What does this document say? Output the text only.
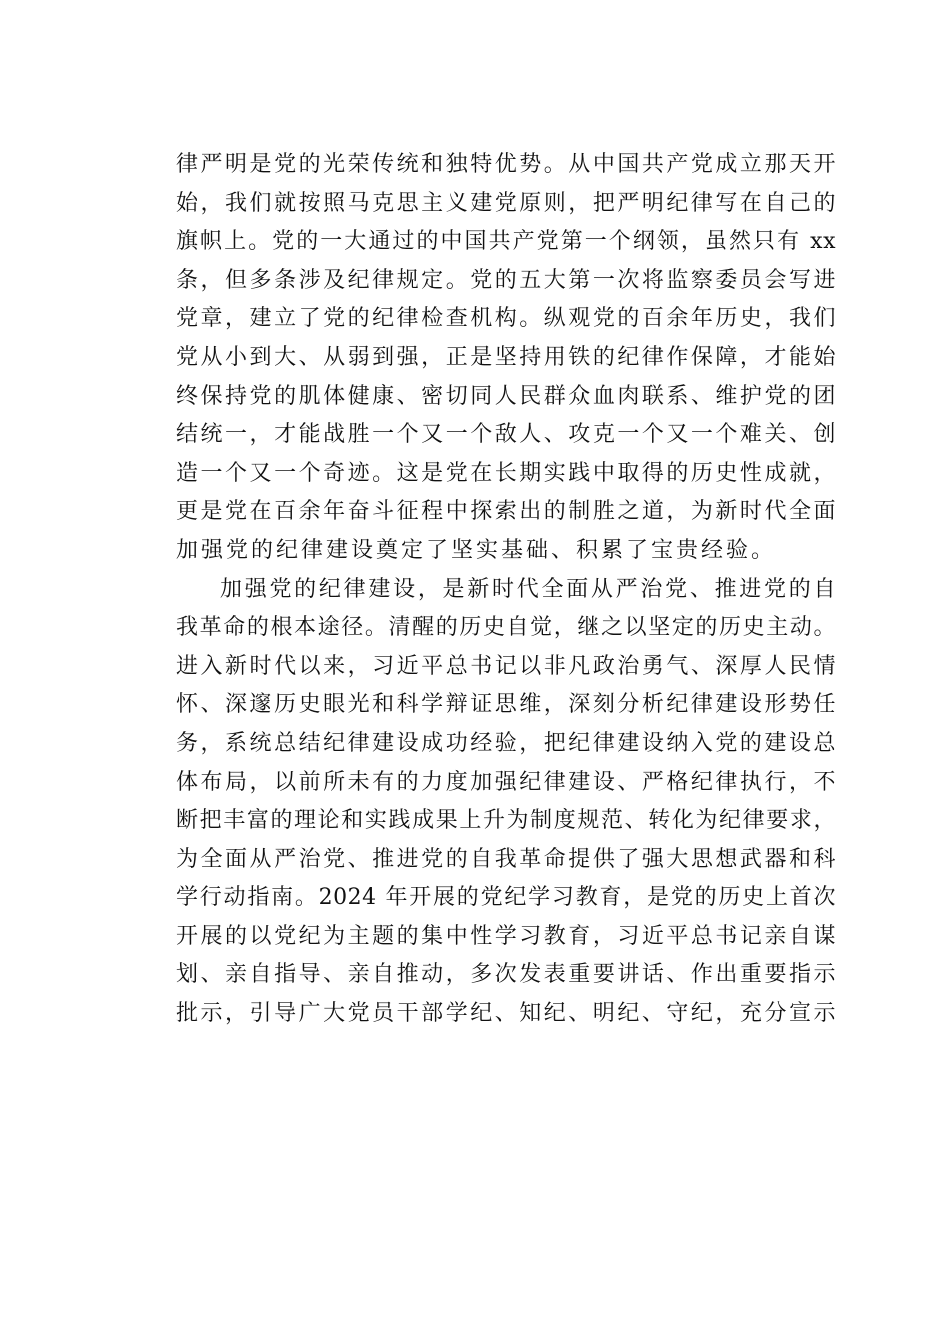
律严明是党的光荣传统和独特优势。从中国共产党成立那天开
始，我们就按照马克思主义建党原则，把严明纪律写在自己的
旗帜上。党的一大通过的中国共产党第一个纲领，虽然只有 xx
条，但多条涉及纪律规定。党的五大第一次将监察委员会写进
党章，建立了党的纪律检查机构。纵观党的百余年历史，我们
党从小到大、从弱到强，正是坚持用铁的纪律作保障，才能始
终保持党的肌体健康、密切同人民群众血肉联系、维护党的团
结统一，才能战胜一个又一个敌人、攻克一个又一个难关、创
造一个又一个奇迹。这是党在长期实践中取得的历史性成就，
更是党在百余年奋斗征程中探索出的制胜之道，为新时代全面
加强党的纪律建设奠定了坚实基础、积累了宝贵经验。
加强党的纪律建设，是新时代全面从严治党、推进党的自
我革命的根本途径。清醒的历史自觉，继之以坚定的历史主动。
进入新时代以来，习近平总书记以非凡政治勇气、深厚人民情
怀、深邃历史眼光和科学辩证思维，深刻分析纪律建设形势任
务，系统总结纪律建设成功经验，把纪律建设纳入党的建设总
体布局，以前所未有的力度加强纪律建设、严格纪律执行，不
断把丰富的理论和实践成果上升为制度规范、转化为纪律要求，
为全面从严治党、推进党的自我革命提供了强大思想武器和科
学行动指南。2024 年开展的党纪学习教育，是党的历史上首次
开展的以党纪为主题的集中性学习教育，习近平总书记亲自谋
划、亲自指导、亲自推动，多次发表重要讲话、作出重要指示
批示，引导广大党员干部学纪、知纪、明纪、守纪，充分宣示
